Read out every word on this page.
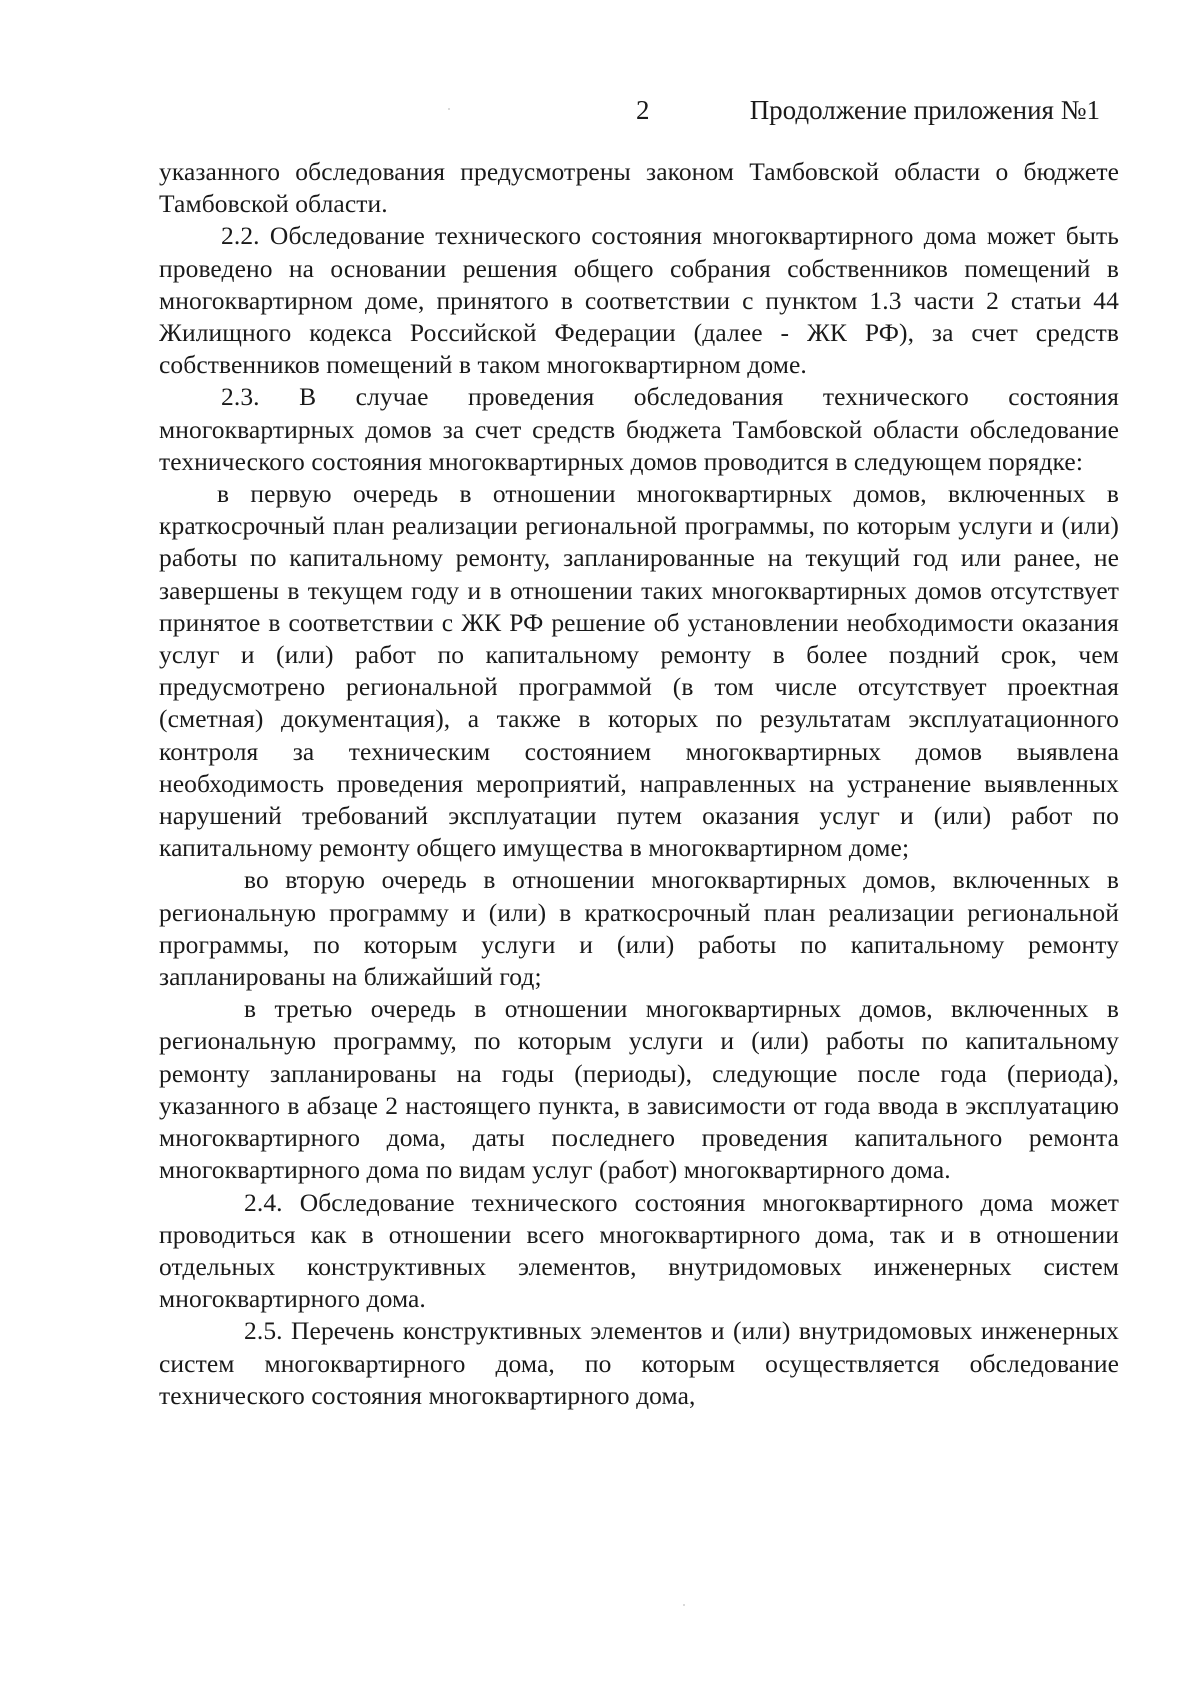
2	Продолжение приложения №1

указанного обследования предусмотрены законом Тамбовской области о бюджете Тамбовской области.

2.2. Обследование технического состояния многоквартирного дома может быть проведено на основании решения общего собрания собственников помещений в многоквартирном доме, принятого в соответствии с пунктом 1.3 части 2 статьи 44 Жилищного кодекса Российской Федерации (далее - ЖК РФ), за счет средств собственников помещений в таком многоквартирном доме.

2.3. В случае проведения обследования технического состояния многоквартирных домов за счет средств бюджета Тамбовской области обследование технического состояния многоквартирных домов проводится в следующем порядке:

в первую очередь в отношении многоквартирных домов, включенных в краткосрочный план реализации региональной программы, по которым услуги и (или) работы по капитальному ремонту, запланированные на текущий год или ранее, не завершены в текущем году и в отношении таких многоквартирных домов отсутствует принятое в соответствии с ЖК РФ решение об установлении необходимости оказания услуг и (или) работ по капитальному ремонту в более поздний срок, чем предусмотрено региональной программой (в том числе отсутствует проектная (сметная) документация), а также в которых по результатам эксплуатационного контроля за техническим состоянием многоквартирных домов выявлена необходимость проведения мероприятий, направленных на устранение выявленных нарушений требований эксплуатации путем оказания услуг и (или) работ по капитальному ремонту общего имущества в многоквартирном доме;

во вторую очередь в отношении многоквартирных домов, включенных в региональную программу и (или) в краткосрочный план реализации региональной программы, по которым услуги и (или) работы по капитальному ремонту запланированы на ближайший год;

в третью очередь в отношении многоквартирных домов, включенных в региональную программу, по которым услуги и (или) работы по капитальному ремонту запланированы на годы (периоды), следующие после года (периода), указанного в абзаце 2 настоящего пункта, в зависимости от года ввода в эксплуатацию многоквартирного дома, даты последнего проведения капитального ремонта многоквартирного дома по видам услуг (работ) многоквартирного дома.

2.4. Обследование технического состояния многоквартирного дома может проводиться как в отношении всего многоквартирного дома, так и в отношении отдельных конструктивных элементов, внутридомовых инженерных систем многоквартирного дома.

2.5. Перечень конструктивных элементов и (или) внутридомовых инженерных систем многоквартирного дома, по которым осуществляется обследование технического состояния многоквартирного дома,
